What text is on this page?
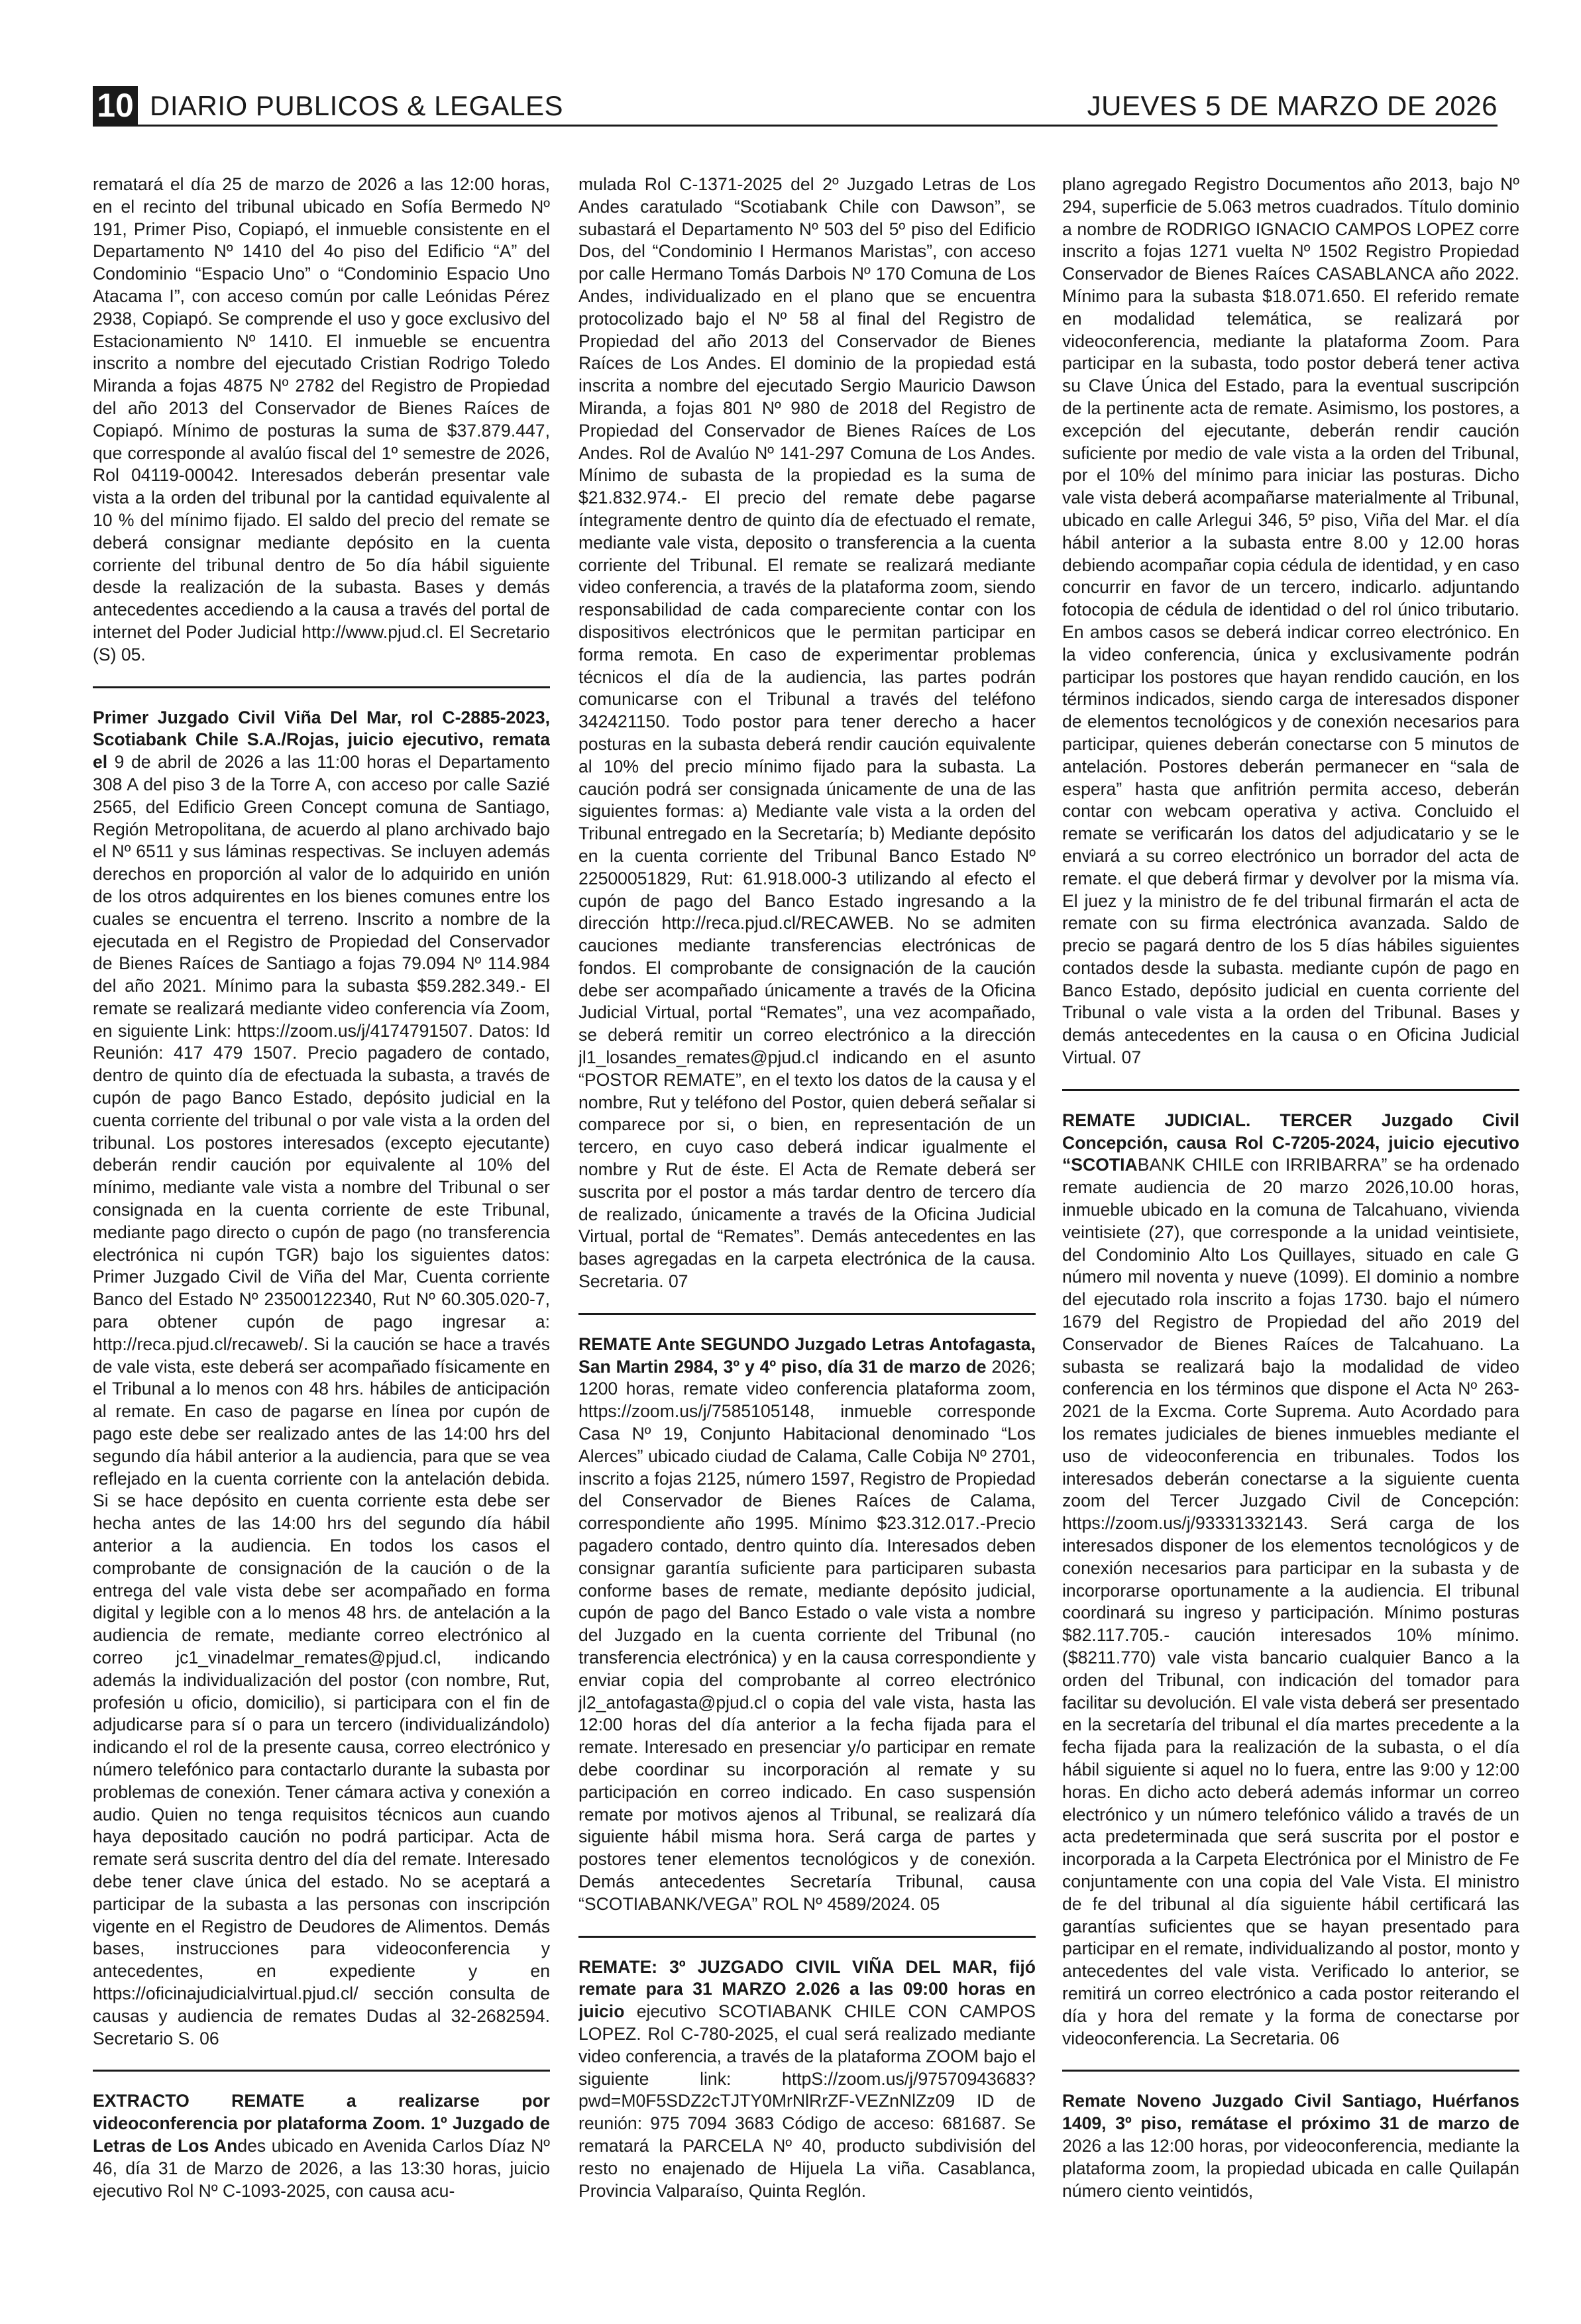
10 DIARIO PUBLICOS & LEGALES	JUEVES 5 DE MARZO DE 2026

rematará el día 25 de marzo de 2026 a las 12:00 horas, en el recinto del tribunal ubicado en Sofía Bermedo Nº 191, Primer Piso, Copiapó, el inmueble consistente en el Departamento Nº 1410 del 4o piso del Edificio “A” del Condominio “Espacio Uno” o “Condominio Espacio Uno Atacama I”, con acceso común por calle Leónidas Pérez 2938, Copiapó. Se comprende el uso y goce exclusivo del Estacionamiento Nº 1410. El inmueble se encuentra inscrito a nombre del ejecutado Cristian Rodrigo Toledo Miranda a fojas 4875 Nº 2782 del Registro de Propiedad del año 2013 del Conservador de Bienes Raíces de Copiapó. Mínimo de posturas la suma de $37.879.447, que corresponde al avalúo fiscal del 1º semestre de 2026, Rol 04119-00042. Interesados deberán presentar vale vista a la orden del tribunal por la cantidad equivalente al 10 % del mínimo fijado. El saldo del precio del remate se deberá consignar mediante depósito en la cuenta corriente del tribunal dentro de 5o día hábil siguiente desde la realización de la subasta. Bases y demás antecedentes accediendo a la causa a través del portal de internet del Poder Judicial http://www.pjud.cl. El Secretario (S) 05.

Primer Juzgado Civil Viña Del Mar, rol C-2885-2023, Scotiabank Chile S.A./Rojas, juicio ejecutivo, remata el 9 de abril de 2026 a las 11:00 horas el Departamento 308 A del piso 3 de la Torre A, con acceso por calle Sazié 2565, del Edificio Green Concept comuna de Santiago, Región Metropolitana, de acuerdo al plano archivado bajo el Nº 6511 y sus láminas respectivas. Se incluyen además derechos en proporción al valor de lo adquirido en unión de los otros adquirentes en los bienes comunes entre los cuales se encuentra el terreno. Inscrito a nombre de la ejecutada en el Registro de Propiedad del Conservador de Bienes Raíces de Santiago a fojas 79.094 Nº 114.984 del año 2021. Mínimo para la subasta $59.282.349.- El remate se realizará mediante video conferencia vía Zoom, en siguiente Link: https://zoom.us/j/4174791507. Datos: Id Reunión: 417 479 1507. Precio pagadero de contado, dentro de quinto día de efectuada la subasta, a través de cupón de pago Banco Estado, depósito judicial en la cuenta corriente del tribunal o por vale vista a la orden del tribunal. Los postores interesados (excepto ejecutante) deberán rendir caución por equivalente al 10% del mínimo, mediante vale vista a nombre del Tribunal o ser consignada en la cuenta corriente de este Tribunal, mediante pago directo o cupón de pago (no transferencia electrónica ni cupón TGR) bajo los siguientes datos: Primer Juzgado Civil de Viña del Mar, Cuenta corriente Banco del Estado Nº 23500122340, Rut Nº 60.305.020-7, para obtener cupón de pago ingresar a: http://reca.pjud.cl/recaweb/. Si la caución se hace a través de vale vista, este deberá ser acompañado físicamente en el Tribunal a lo menos con 48 hrs. hábiles de anticipación al remate. En caso de pagarse en línea por cupón de pago este debe ser realizado antes de las 14:00 hrs del segundo día hábil anterior a la audiencia, para que se vea reflejado en la cuenta corriente con la antelación debida. Si se hace depósito en cuenta corriente esta debe ser hecha antes de las 14:00 hrs del segundo día hábil anterior a la audiencia. En todos los casos el comprobante de consignación de la caución o de la entrega del vale vista debe ser acompañado en forma digital y legible con a lo menos 48 hrs. de antelación a la audiencia de remate, mediante correo electrónico al correo jc1_vinadelmar_remates@pjud.cl, indicando además la individualización del postor (con nombre, Rut, profesión u oficio, domicilio), si participara con el fin de adjudicarse para sí o para un tercero (individualizándolo) indicando el rol de la presente causa, correo electrónico y número telefónico para contactarlo durante la subasta por problemas de conexión. Tener cámara activa y conexión a audio. Quien no tenga requisitos técnicos aun cuando haya depositado caución no podrá participar. Acta de remate será suscrita dentro del día del remate. Interesado debe tener clave única del estado. No se aceptará a participar de la subasta a las personas con inscripción vigente en el Registro de Deudores de Alimentos. Demás bases, instrucciones para videoconferencia y antecedentes, en expediente y en https://oficinajudicialvirtual.pjud.cl/ sección consulta de causas y audiencia de remates Dudas al 32-2682594. Secretario S. 06

EXTRACTO REMATE a realizarse por videoconferencia por plataforma Zoom. 1º Juzgado de Letras de Los Andes ubicado en Avenida Carlos Díaz Nº 46, día 31 de Marzo de 2026, a las 13:30 horas, juicio ejecutivo Rol Nº C-1093-2025, con causa acu-

mulada Rol C-1371-2025 del 2º Juzgado Letras de Los Andes caratulado “Scotiabank Chile con Dawson”, se subastará el Departamento Nº 503 del 5º piso del Edificio Dos, del “Condominio I Hermanos Maristas”, con acceso por calle Hermano Tomás Darbois Nº 170 Comuna de Los Andes, individualizado en el plano que se encuentra protocolizado bajo el Nº 58 al final del Registro de Propiedad del año 2013 del Conservador de Bienes Raíces de Los Andes. El dominio de la propiedad está inscrita a nombre del ejecutado Sergio Mauricio Dawson Miranda, a fojas 801 Nº 980 de 2018 del Registro de Propiedad del Conservador de Bienes Raíces de Los Andes. Rol de Avalúo Nº 141-297 Comuna de Los Andes. Mínimo de subasta de la propiedad es la suma de $21.832.974.- El precio del remate debe pagarse íntegramente dentro de quinto día de efectuado el remate, mediante vale vista, deposito o transferencia a la cuenta corriente del Tribunal. El remate se realizará mediante video conferencia, a través de la plataforma zoom, siendo responsabilidad de cada compareciente contar con los dispositivos electrónicos que le permitan participar en forma remota. En caso de experimentar problemas técnicos el día de la audiencia, las partes podrán comunicarse con el Tribunal a través del teléfono 342421150. Todo postor para tener derecho a hacer posturas en la subasta deberá rendir caución equivalente al 10% del precio mínimo fijado para la subasta. La caución podrá ser consignada únicamente de una de las siguientes formas: a) Mediante vale vista a la orden del Tribunal entregado en la Secretaría; b) Mediante depósito en la cuenta corriente del Tribunal Banco Estado Nº 22500051829, Rut: 61.918.000-3 utilizando al efecto el cupón de pago del Banco Estado ingresando a la dirección http://reca.pjud.cl/RECAWEB. No se admiten cauciones mediante transferencias electrónicas de fondos. El comprobante de consignación de la caución debe ser acompañado únicamente a través de la Oficina Judicial Virtual, portal “Remates”, una vez acompañado, se deberá remitir un correo electrónico a la dirección jl1_losandes_remates@pjud.cl indicando en el asunto “POSTOR REMATE”, en el texto los datos de la causa y el nombre, Rut y teléfono del Postor, quien deberá señalar si comparece por si, o bien, en representación de un tercero, en cuyo caso deberá indicar igualmente el nombre y Rut de éste. El Acta de Remate deberá ser suscrita por el postor a más tardar dentro de tercero día de realizado, únicamente a través de la Oficina Judicial Virtual, portal de “Remates”. Demás antecedentes en las bases agregadas en la carpeta electrónica de la causa. Secretaria. 07

REMATE Ante SEGUNDO Juzgado Letras Antofagasta, San Martin 2984, 3º y 4º piso, día 31 de marzo de 2026; 1200 horas, remate video conferencia plataforma zoom, https://zoom.us/j/7585105148, inmueble corresponde Casa Nº 19, Conjunto Habitacional denominado “Los Alerces” ubicado ciudad de Calama, Calle Cobija Nº 2701, inscrito a fojas 2125, número 1597, Registro de Propiedad del Conservador de Bienes Raíces de Calama, correspondiente año 1995. Mínimo $23.312.017.-Precio pagadero contado, dentro quinto día. Interesados deben consignar garantía suficiente para participaren subasta conforme bases de remate, mediante depósito judicial, cupón de pago del Banco Estado o vale vista a nombre del Juzgado en la cuenta corriente del Tribunal (no transferencia electrónica) y en la causa correspondiente y enviar copia del comprobante al correo electrónico jl2_antofagasta@pjud.cl o copia del vale vista, hasta las 12:00 horas del día anterior a la fecha fijada para el remate. Interesado en presenciar y/o participar en remate debe coordinar su incorporación al remate y su participación en correo indicado. En caso suspensión remate por motivos ajenos al Tribunal, se realizará día siguiente hábil misma hora. Será carga de partes y postores tener elementos tecnológicos y de conexión. Demás antecedentes Secretaría Tribunal, causa “SCOTIABANK/VEGA” ROL Nº 4589/2024. 05

REMATE: 3º JUZGADO CIVIL VIÑA DEL MAR, fijó remate para 31 MARZO 2.026 a las 09:00 horas en juicio ejecutivo SCOTIABANK CHILE CON CAMPOS LOPEZ. Rol C-780-2025, el cual será realizado mediante video conferencia, a través de la plataforma ZOOM bajo el siguiente link: httpS://zoom.us/j/97570943683?pwd=M0F5SDZ2cTJTY0MrNlRrZF-VEZnNlZz09 ID de reunión: 975 7094 3683 Código de acceso: 681687. Se rematará la PARCELA Nº 40, producto subdivisión del resto no enajenado de Hijuela La viña. Casablanca, Provincia Valparaíso, Quinta Reglón.

plano agregado Registro Documentos año 2013, bajo Nº 294, superficie de 5.063 metros cuadrados. Título dominio a nombre de RODRIGO IGNACIO CAMPOS LOPEZ corre inscrito a fojas 1271 vuelta Nº 1502 Registro Propiedad Conservador de Bienes Raíces CASABLANCA año 2022. Mínimo para la subasta $18.071.650. El referido remate en modalidad telemática, se realizará por videoconferencia, mediante la plataforma Zoom. Para participar en la subasta, todo postor deberá tener activa su Clave Única del Estado, para la eventual suscripción de la pertinente acta de remate. Asimismo, los postores, a excepción del ejecutante, deberán rendir caución suficiente por medio de vale vista a la orden del Tribunal, por el 10% del mínimo para iniciar las posturas. Dicho vale vista deberá acompañarse materialmente al Tribunal, ubicado en calle Arlegui 346, 5º piso, Viña del Mar. el día hábil anterior a la subasta entre 8.00 y 12.00 horas debiendo acompañar copia cédula de identidad, y en caso concurrir en favor de un tercero, indicarlo. adjuntando fotocopia de cédula de identidad o del rol único tributario. En ambos casos se deberá indicar correo electrónico. En la video conferencia, única y exclusivamente podrán participar los postores que hayan rendido caución, en los términos indicados, siendo carga de interesados disponer de elementos tecnológicos y de conexión necesarios para participar, quienes deberán conectarse con 5 minutos de antelación. Postores deberán permanecer en “sala de espera” hasta que anfitrión permita acceso, deberán contar con webcam operativa y activa. Concluido el remate se verificarán los datos del adjudicatario y se le enviará a su correo electrónico un borrador del acta de remate. el que deberá firmar y devolver por la misma vía. El juez y la ministro de fe del tribunal firmarán el acta de remate con su firma electrónica avanzada. Saldo de precio se pagará dentro de los 5 días hábiles siguientes contados desde la subasta. mediante cupón de pago en Banco Estado, depósito judicial en cuenta corriente del Tribunal o vale vista a la orden del Tribunal. Bases y demás antecedentes en la causa o en Oficina Judicial Virtual. 07

REMATE JUDICIAL. TERCER Juzgado Civil Concepción, causa Rol C-7205-2024, juicio ejecutivo “SCOTIABANK CHILE con IRRIBARRA” se ha ordenado remate audiencia de 20 marzo 2026,10.00 horas, inmueble ubicado en la comuna de Talcahuano, vivienda veintisiete (27), que corresponde a la unidad veintisiete, del Condominio Alto Los Quillayes, situado en cale G número mil noventa y nueve (1099). El dominio a nombre del ejecutado rola inscrito a fojas 1730. bajo el número 1679 del Registro de Propiedad del año 2019 del Conservador de Bienes Raíces de Talcahuano. La subasta se realizará bajo la modalidad de video conferencia en los términos que dispone el Acta Nº 263-2021 de la Excma. Corte Suprema. Auto Acordado para los remates judiciales de bienes inmuebles mediante el uso de videoconferencia en tribunales. Todos los interesados deberán conectarse a la siguiente cuenta zoom del Tercer Juzgado Civil de Concepción: https://zoom.us/j/93331332143. Será carga de los interesados disponer de los elementos tecnológicos y de conexión necesarios para participar en la subasta y de incorporarse oportunamente a la audiencia. El tribunal coordinará su ingreso y participación. Mínimo posturas $82.117.705.- caución interesados 10% mínimo. ($8211.770) vale vista bancario cualquier Banco a la orden del Tribunal, con indicación del tomador para facilitar su devolución. El vale vista deberá ser presentado en la secretaría del tribunal el día martes precedente a la fecha fijada para la realización de la subasta, o el día hábil siguiente si aquel no lo fuera, entre las 9:00 y 12:00 horas. En dicho acto deberá además informar un correo electrónico y un número telefónico válido a través de un acta predeterminada que será suscrita por el postor e incorporada a la Carpeta Electrónica por el Ministro de Fe conjuntamente con una copia del Vale Vista. El ministro de fe del tribunal al día siguiente hábil certificará las garantías suficientes que se hayan presentado para participar en el remate, individualizando al postor, monto y antecedentes del vale vista. Verificado lo anterior, se remitirá un correo electrónico a cada postor reiterando el día y hora del remate y la forma de conectarse por videoconferencia. La Secretaria. 06

Remate Noveno Juzgado Civil Santiago, Huérfanos 1409, 3º piso, remátase el próximo 31 de marzo de 2026 a las 12:00 horas, por videoconferencia, mediante la plataforma zoom, la propiedad ubicada en calle Quilapán número ciento veintidós,
